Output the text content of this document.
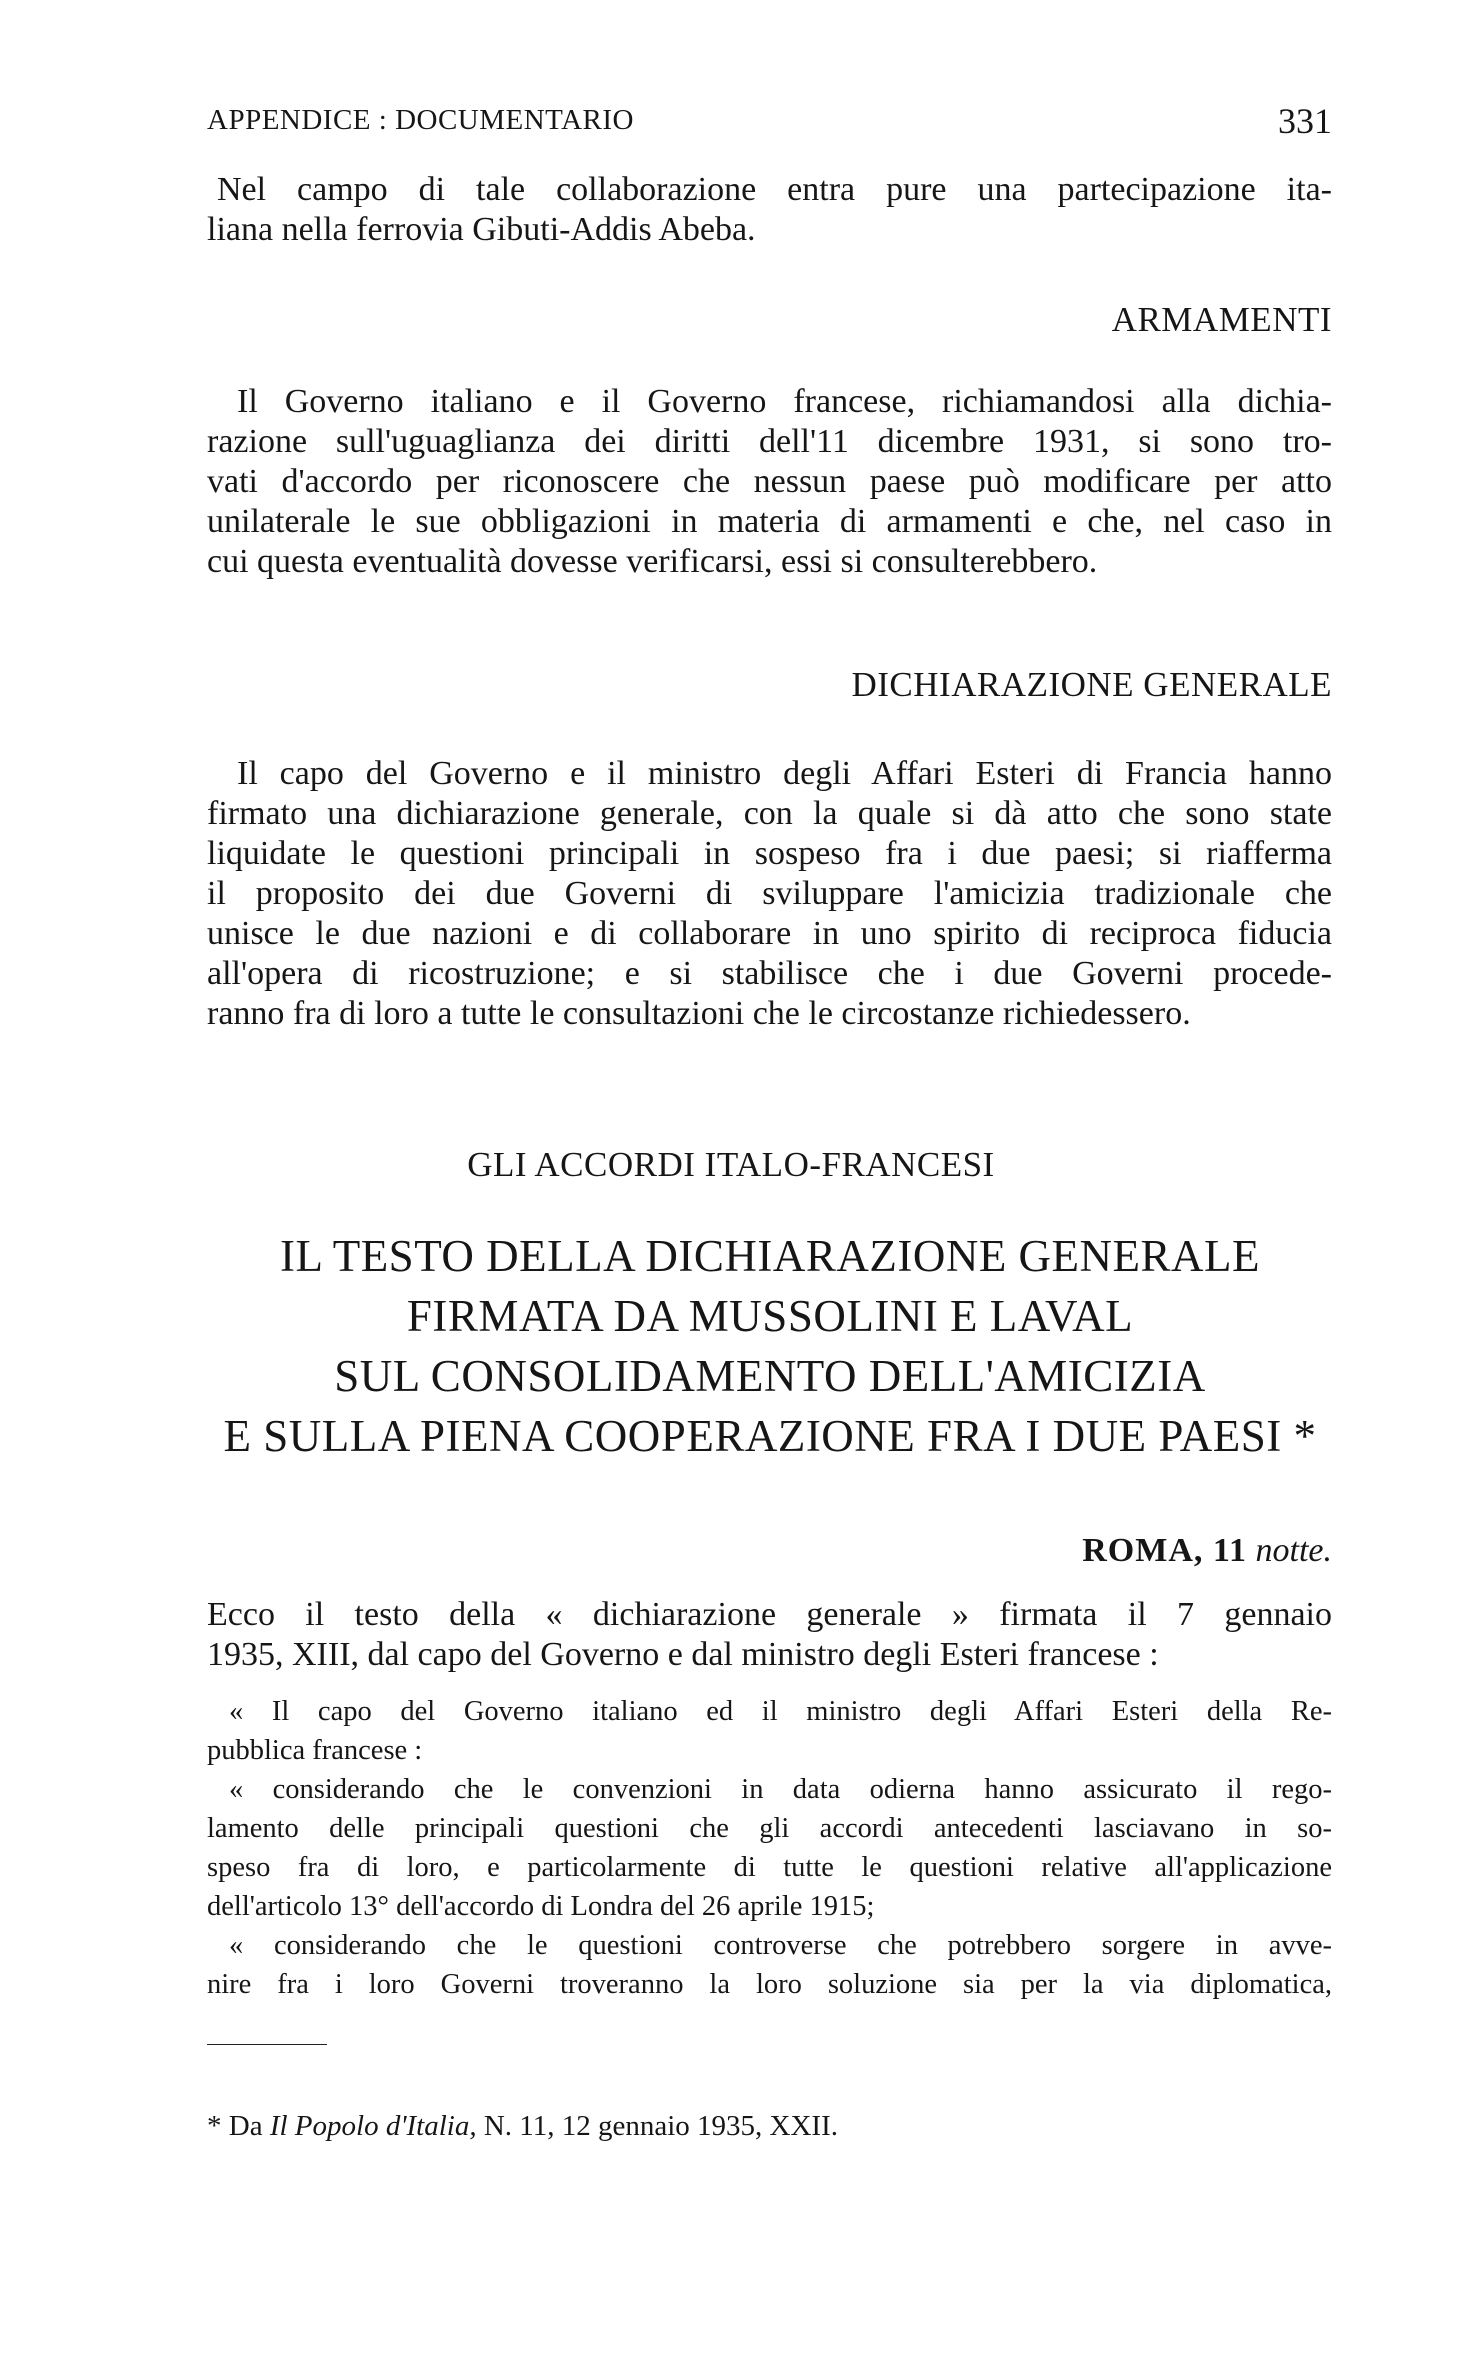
APPENDICE : DOCUMENTARIO	331
Nel campo di tale collaborazione entra pure una partecipazione ita-
liana nella ferrovia Gibuti-Addis Abeba.
ARMAMENTI
Il Governo italiano e il Governo francese, richiamandosi alla dichia-
razione sull'uguaglianza dei diritti dell'11 dicembre 1931, si sono tro-
vati d'accordo per riconoscere che nessun paese può modificare per atto
unilaterale le sue obbligazioni in materia di armamenti e che, nel caso in
cui questa eventualità dovesse verificarsi, essi si consulterebbero.
DICHIARAZIONE GENERALE
Il capo del Governo e il ministro degli Affari Esteri di Francia hanno
firmato una dichiarazione generale, con la quale si dà atto che sono state
liquidate le questioni principali in sospeso fra i due paesi; si riafferma
il proposito dei due Governi di sviluppare l'amicizia tradizionale che
unisce le due nazioni e di collaborare in uno spirito di reciproca fiducia
all'opera di ricostruzione; e si stabilisce che i due Governi procede-
ranno fra di loro a tutte le consultazioni che le circostanze richiedessero.
GLI ACCORDI ITALO-FRANCESI
IL TESTO DELLA DICHIARAZIONE GENERALE
FIRMATA DA MUSSOLINI E LAVAL
SUL CONSOLIDAMENTO DELL'AMICIZIA
E SULLA PIENA COOPERAZIONE FRA I DUE PAESI *
ROMA, 11 notte.
Ecco il testo della « dichiarazione generale » firmata il 7 gennaio
1935, XIII, dal capo del Governo e dal ministro degli Esteri francese :
« Il capo del Governo italiano ed il ministro degli Affari Esteri della Re-
pubblica francese :
« considerando che le convenzioni in data odierna hanno assicurato il rego-
lamento delle principali questioni che gli accordi antecedenti lasciavano in so-
speso fra di loro, e particolarmente di tutte le questioni relative all'applicazione
dell'articolo 13° dell'accordo di Londra del 26 aprile 1915;
« considerando che le questioni controverse che potrebbero sorgere in avve-
nire fra i loro Governi troveranno la loro soluzione sia per la via diplomatica,
* Da Il Popolo d'Italia, N. 11, 12 gennaio 1935, XXII.
